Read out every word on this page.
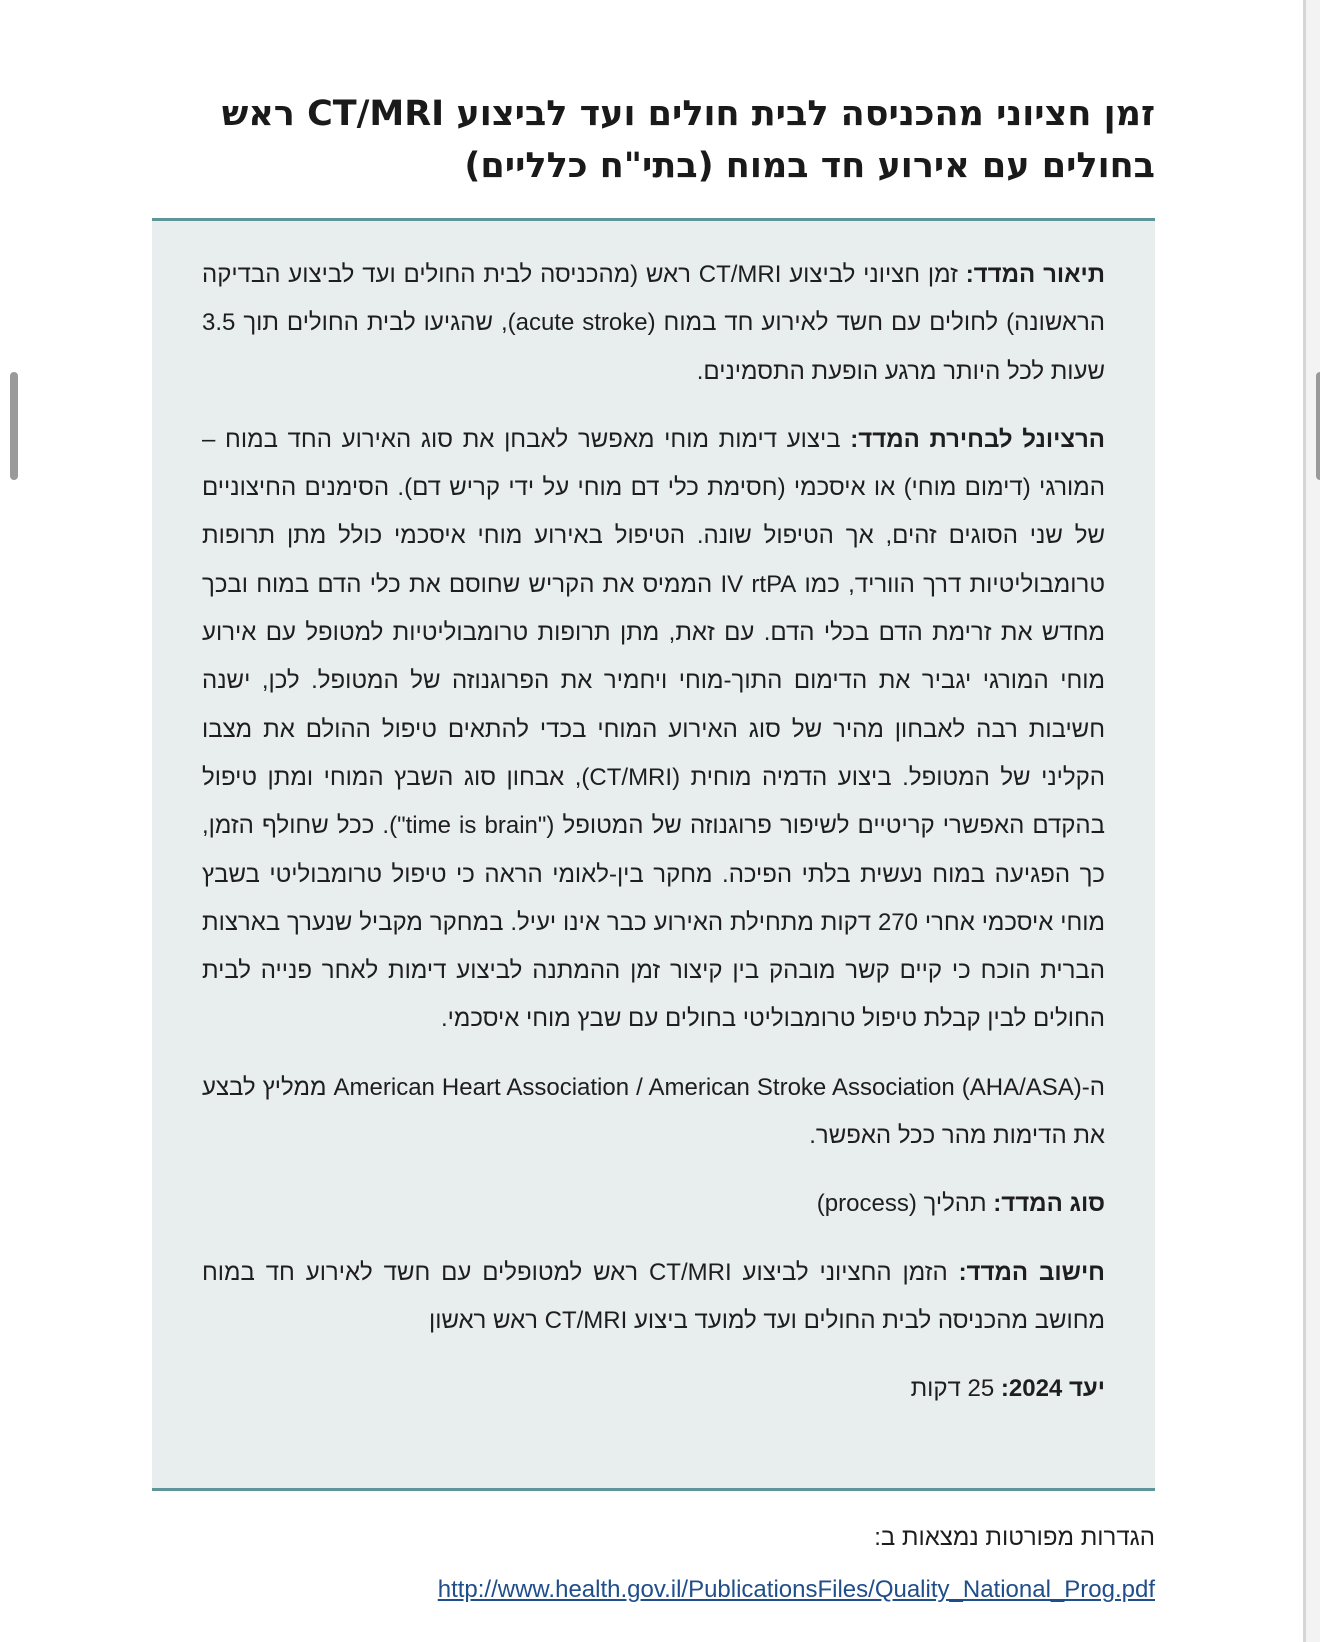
זמן חציוני מהכניסה לבית חולים ועד לביצוע CT/MRI ראש בחולים עם אירוע חד במוח (בתי"ח כלליים)

תיאור המדד: זמן חציוני לביצוע CT/MRI ראש (מהכניסה לבית החולים ועד לביצוע הבדיקה הראשונה) לחולים עם חשד לאירוע חד במוח (acute stroke), שהגיעו לבית החולים תוך 3.5 שעות לכל היותר מרגע הופעת התסמינים.

הרציונל לבחירת המדד: ביצוע דימות מוחי מאפשר לאבחן את סוג האירוע החד במוח – המורגי (דימום מוחי) או איסכמי (חסימת כלי דם מוחי על ידי קריש דם). הסימנים החיצוניים של שני הסוגים זהים, אך הטיפול שונה. הטיפול באירוע מוחי איסכמי כולל מתן תרופות טרומבוליטיות דרך הווריד, כמו IV rtPA הממיס את הקריש שחוסם את כלי הדם במוח ובכך מחדש את זרימת הדם בכלי הדם. עם זאת, מתן תרופות טרומבוליטיות למטופל עם אירוע מוחי המורגי יגביר את הדימום התוך-מוחי ויחמיר את הפרוגנוזה של המטופל. לכן, ישנה חשיבות רבה לאבחון מהיר של סוג האירוע המוחי בכדי להתאים טיפול ההולם את מצבו הקליני של המטופל. ביצוע הדמיה מוחית (CT/MRI), אבחון סוג השבץ המוחי ומתן טיפול בהקדם האפשרי קריטיים לשיפור פרוגנוזה של המטופל ("time is brain"). ככל שחולף הזמן, כך הפגיעה במוח נעשית בלתי הפיכה. מחקר בין-לאומי הראה כי טיפול טרומבוליטי בשבץ מוחי איסכמי אחרי 270 דקות מתחילת האירוע כבר אינו יעיל. במחקר מקביל שנערך בארצות הברית הוכח כי קיים קשר מובהק בין קיצור זמן ההמתנה לביצוע דימות לאחר פנייה לבית החולים לבין קבלת טיפול טרומבוליטי בחולים עם שבץ מוחי איסכמי.

ה-American Heart Association / American Stroke Association (AHA/ASA) ממליץ לבצע את הדימות מהר ככל האפשר.

סוג המדד: תהליך (process)

חישוב המדד: הזמן החציוני לביצוע CT/MRI ראש למטופלים עם חשד לאירוע חד במוח מחושב מהכניסה לבית החולים ועד למועד ביצוע CT/MRI ראש ראשון

יעד 2024: 25 דקות

הגדרות מפורטות נמצאות ב:

http://www.health.gov.il/PublicationsFiles/Quality_National_Prog.pdf
